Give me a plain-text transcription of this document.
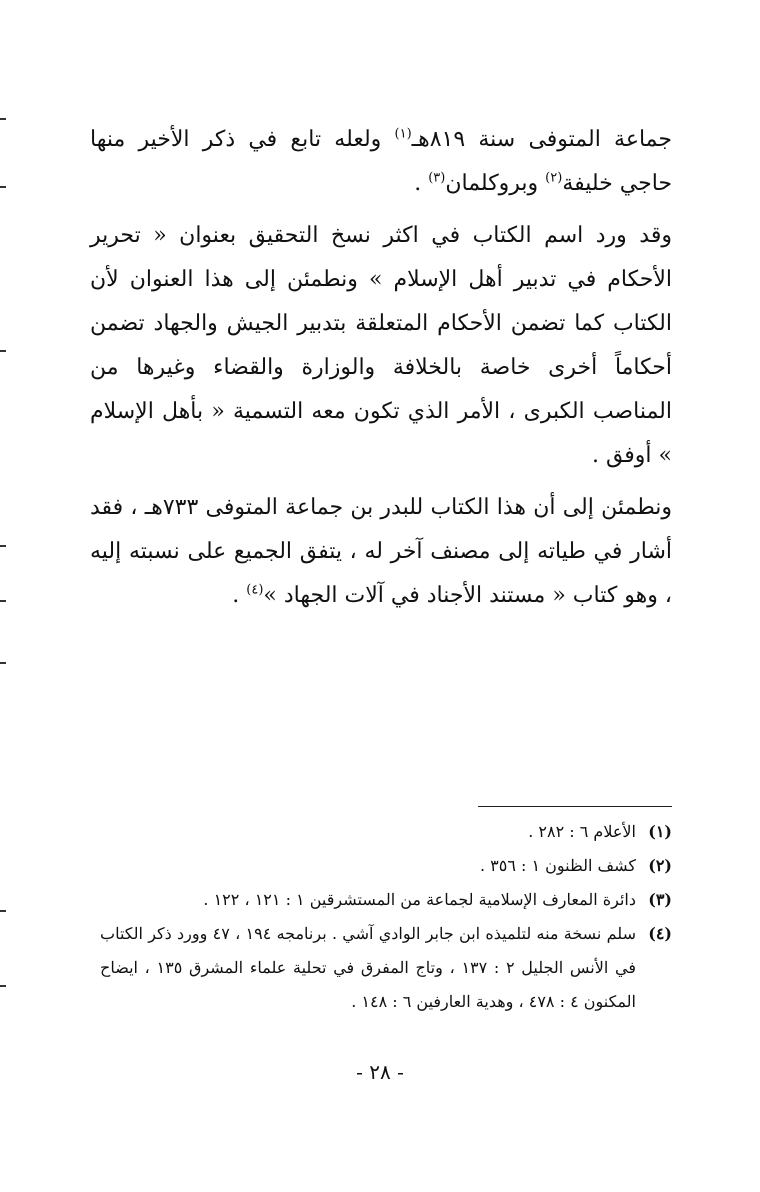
جماعة المتوفى سنة ٨١٩هـ$^{(١)}$ ولعله تابع في ذكر الأخير منها حاجي خليفة$^{(٢)}$ وبروكلمان$^{(٣)}$ .

وقد ورد اسم الكتاب في اكثر نسخ التحقيق بعنوان « تحرير الأحكام في تدبير أهل الإسلام » ونطمئن إلى هذا العنوان لأن الكتاب كما تضمن الأحكام المتعلقة بتدبير الجيش والجهاد تضمن أحكاماً أخرى خاصة بالخلافة والوزارة والقضاء وغيرها من المناصب الكبرى ، الأمر الذي تكون معه التسمية « بأهل الإسلام » أوفق .

ونطمئن إلى أن هذا الكتاب للبدر بن جماعة المتوفى ٧٣٣هـ ، فقد أشار في طياته إلى مصنف آخر له ، يتفق الجميع على نسبته إليه ، وهو كتاب « مستند الأجناد في آلات الجهاد »$^{(٤)}$ .

(١)
الأعلام ٦ : ٢٨٢ .
(٢)
كشف الظنون ١ : ٣٥٦ .
(٣)
دائرة المعارف الإسلامية لجماعة من المستشرقين ١ : ١٢١ ، ١٢٢ .
(٤)
سلم نسخة منه لتلميذه ابن جابر الوادي آشي . برنامجه ١٩٤ ، ٤٧ وورد ذكر الكتاب في الأنس الجليل ٢ : ١٣٧ ، وتاج المفرق في تحلية علماء المشرق ١٣٥ ، ايضاح المكنون ٤ : ٤٧٨ ، وهدية العارفين ٦ : ١٤٨ .
- ٢٨ -
